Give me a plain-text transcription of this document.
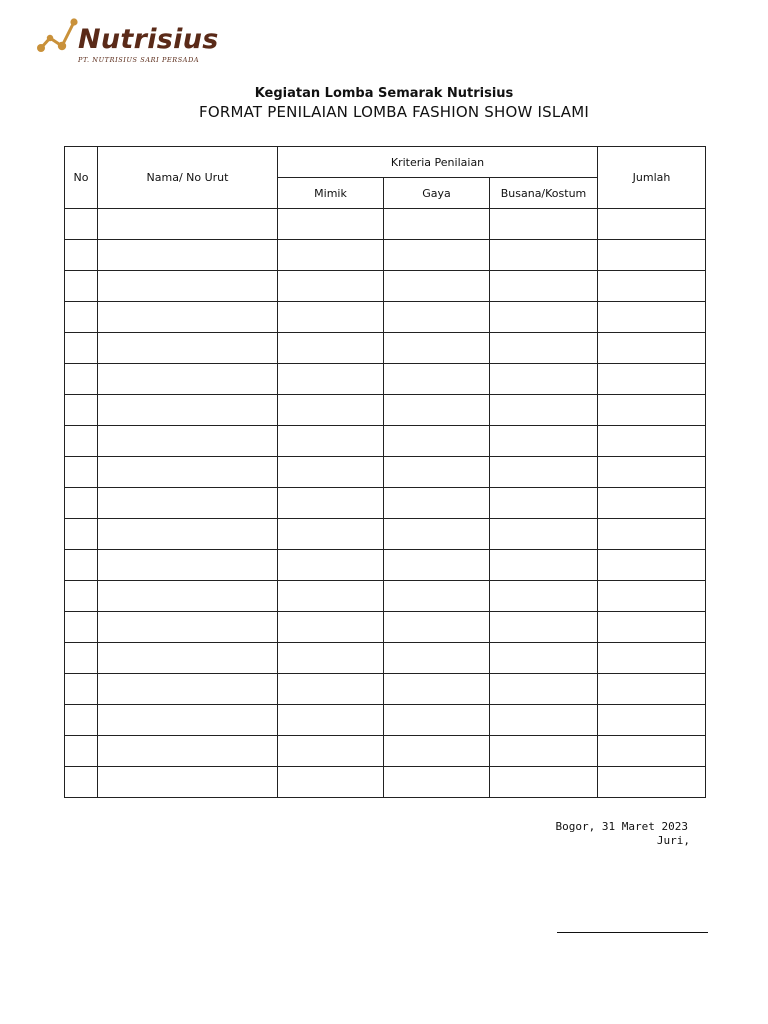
Nutrisius
PT. NUTRISIUS SARI PERSADA
Kegiatan Lomba Semarak Nutrisius
FORMAT PENILAIAN LOMBA FASHION SHOW ISLAMI
No	Nama/ No Urut	Kriteria Penilaian			Jumlah
		Mimik	Gaya	Busana/Kostum	

Bogor, 31 Maret 2023
Juri,
